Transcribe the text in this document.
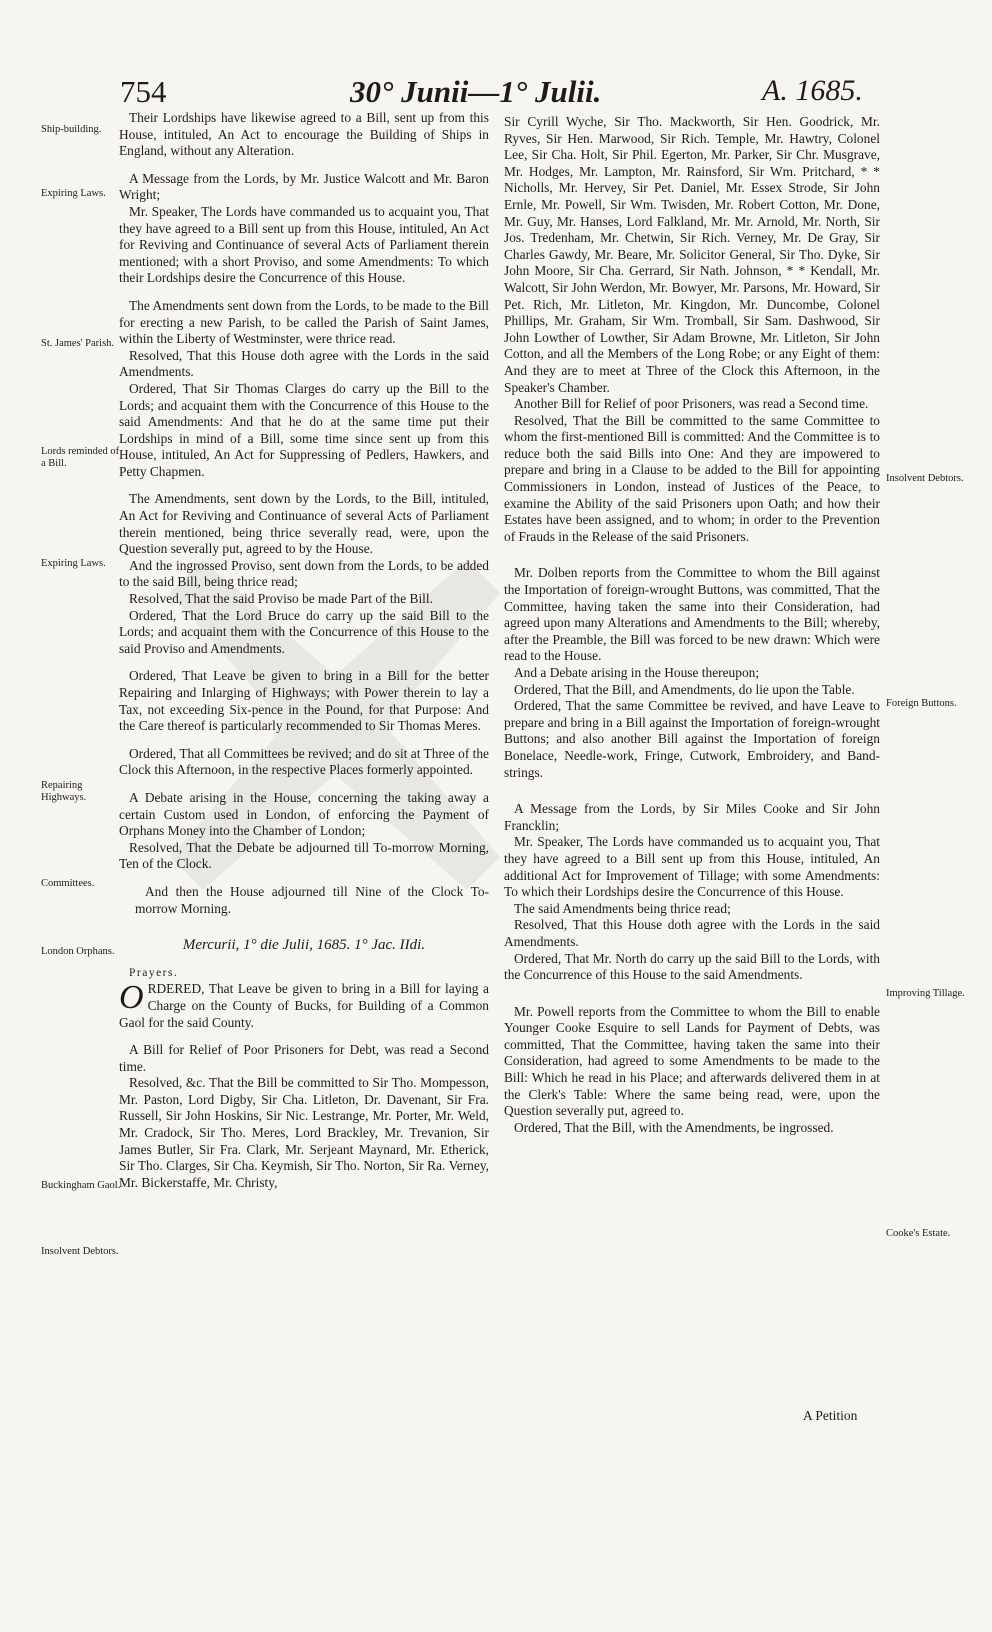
754	30° Junii—1° Julii.	A. 1685.
Ship-building.
Expiring Laws.
St. James' Parish.
Lords reminded of a Bill.
Expiring Laws.
Repairing Highways.
Committees.
London Orphans.
Buckingham Gaol.
Insolvent Debtors.
Insolvent Debtors.
Foreign Buttons.
Improving Tillage.
Cooke's Estate.

Their Lordships have likewise agreed to a Bill, sent up from this House, intituled, An Act to encourage the Building of Ships in England, without any Alteration.

A Message from the Lords, by Mr. Justice Walcott and Mr. Baron Wright;

Mr. Speaker, The Lords have commanded us to acquaint you, That they have agreed to a Bill sent up from this House, intituled, An Act for Reviving and Continuance of several Acts of Parliament therein mentioned; with a short Proviso, and some Amendments: To which their Lordships desire the Concurrence of this House.

The Amendments sent down from the Lords, to be made to the Bill for erecting a new Parish, to be called the Parish of Saint James, within the Liberty of Westminster, were thrice read.

Resolved, That this House doth agree with the Lords in the said Amendments.

Ordered, That Sir Thomas Clarges do carry up the Bill to the Lords; and acquaint them with the Concurrence of this House to the said Amendments: And that he do at the same time put their Lordships in mind of a Bill, some time since sent up from this House, intituled, An Act for Suppressing of Pedlers, Hawkers, and Petty Chapmen.

The Amendments, sent down by the Lords, to the Bill, intituled, An Act for Reviving and Continuance of several Acts of Parliament therein mentioned, being thrice severally read, were, upon the Question severally put, agreed to by the House.

And the ingrossed Proviso, sent down from the Lords, to be added to the said Bill, being thrice read;

Resolved, That the said Proviso be made Part of the Bill.

Ordered, That the Lord Bruce do carry up the said Bill to the Lords; and acquaint them with the Concurrence of this House to the said Proviso and Amendments.

Ordered, That Leave be given to bring in a Bill for the better Repairing and Inlarging of Highways; with Power therein to lay a Tax, not exceeding Six-pence in the Pound, for that Purpose: And the Care thereof is particularly recommended to Sir Thomas Meres.

Ordered, That all Committees be revived; and do sit at Three of the Clock this Afternoon, in the respective Places formerly appointed.

A Debate arising in the House, concerning the taking away a certain Custom used in London, of enforcing the Payment of Orphans Money into the Chamber of London;

Resolved, That the Debate be adjourned till To-morrow Morning, Ten of the Clock.

And then the House adjourned till Nine of the Clock To-morrow Morning.

Mercurii, 1° die Julii, 1685. 1° Jac. IIdi.

Prayers.

ORDERED, That Leave be given to bring in a Bill for laying a Charge on the County of Bucks, for Building of a Common Gaol for the said County.

A Bill for Relief of Poor Prisoners for Debt, was read a Second time.

Resolved, &c. That the Bill be committed to Sir Tho. Mompesson, Mr. Paston, Lord Digby, Sir Cha. Litleton, Dr. Davenant, Sir Fra. Russell, Sir John Hoskins, Sir Nic. Lestrange, Mr. Porter, Mr. Weld, Mr. Cradock, Sir Tho. Meres, Lord Brackley, Mr. Trevanion, Sir James Butler, Sir Fra. Clark, Mr. Serjeant Maynard, Mr. Etherick, Sir Tho. Clarges, Sir Cha. Keymish, Sir Tho. Norton, Sir Ra. Verney, Mr. Bickerstaffe, Mr. Christy,

Sir Cyrill Wyche, Sir Tho. Mackworth, Sir Hen. Goodrick, Mr. Ryves, Sir Hen. Marwood, Sir Rich. Temple, Mr. Hawtry, Colonel Lee, Sir Cha. Holt, Sir Phil. Egerton, Mr. Parker, Sir Chr. Musgrave, Mr. Hodges, Mr. Lampton, Mr. Rainsford, Sir Wm. Pritchard, * * Nicholls, Mr. Hervey, Sir Pet. Daniel, Mr. Essex Strode, Sir John Ernle, Mr. Powell, Sir Wm. Twisden, Mr. Robert Cotton, Mr. Done, Mr. Guy, Mr. Hanses, Lord Falkland, Mr. Mr. Arnold, Mr. North, Sir Jos. Tredenham, Mr. Chetwin, Sir Rich. Verney, Mr. De Gray, Sir Charles Gawdy, Mr. Beare, Mr. Solicitor General, Sir Tho. Dyke, Sir John Moore, Sir Cha. Gerrard, Sir Nath. Johnson, * * Kendall, Mr. Walcott, Sir John Werdon, Mr. Bowyer, Mr. Parsons, Mr. Howard, Sir Pet. Rich, Mr. Litleton, Mr. Kingdon, Mr. Duncombe, Colonel Phillips, Mr. Graham, Sir Wm. Tromball, Sir Sam. Dashwood, Sir John Lowther of Lowther, Sir Adam Browne, Mr. Litleton, Sir John Cotton, and all the Members of the Long Robe; or any Eight of them: And they are to meet at Three of the Clock this Afternoon, in the Speaker's Chamber.

Another Bill for Relief of poor Prisoners, was read a Second time.

Resolved, That the Bill be committed to the same Committee to whom the first-mentioned Bill is committed: And the Committee is to reduce both the said Bills into One: And they are impowered to prepare and bring in a Clause to be added to the Bill for appointing Commissioners in London, instead of Justices of the Peace, to examine the Ability of the said Prisoners upon Oath; and how their Estates have been assigned, and to whom; in order to the Prevention of Frauds in the Release of the said Prisoners.

Mr. Dolben reports from the Committee to whom the Bill against the Importation of foreign-wrought Buttons, was committed, That the Committee, having taken the same into their Consideration, had agreed upon many Alterations and Amendments to the Bill; whereby, after the Preamble, the Bill was forced to be new drawn: Which were read to the House.

And a Debate arising in the House thereupon;

Ordered, That the Bill, and Amendments, do lie upon the Table.

Ordered, That the same Committee be revived, and have Leave to prepare and bring in a Bill against the Importation of foreign-wrought Buttons; and also another Bill against the Importation of foreign Bonelace, Needle-work, Fringe, Cutwork, Embroidery, and Band-strings.

A Message from the Lords, by Sir Miles Cooke and Sir John Francklin;

Mr. Speaker, The Lords have commanded us to acquaint you, That they have agreed to a Bill sent up from this House, intituled, An additional Act for Improvement of Tillage; with some Amendments: To which their Lordships desire the Concurrence of this House.

The said Amendments being thrice read;

Resolved, That this House doth agree with the Lords in the said Amendments.

Ordered, That Mr. North do carry up the said Bill to the Lords, with the Concurrence of this House to the said Amendments.

Mr. Powell reports from the Committee to whom the Bill to enable Younger Cooke Esquire to sell Lands for Payment of Debts, was committed, That the Committee, having taken the same into their Consideration, had agreed to some Amendments to be made to the Bill: Which he read in his Place; and afterwards delivered them in at the Clerk's Table: Where the same being read, were, upon the Question severally put, agreed to.

Ordered, That the Bill, with the Amendments, be ingrossed.

A Petition
